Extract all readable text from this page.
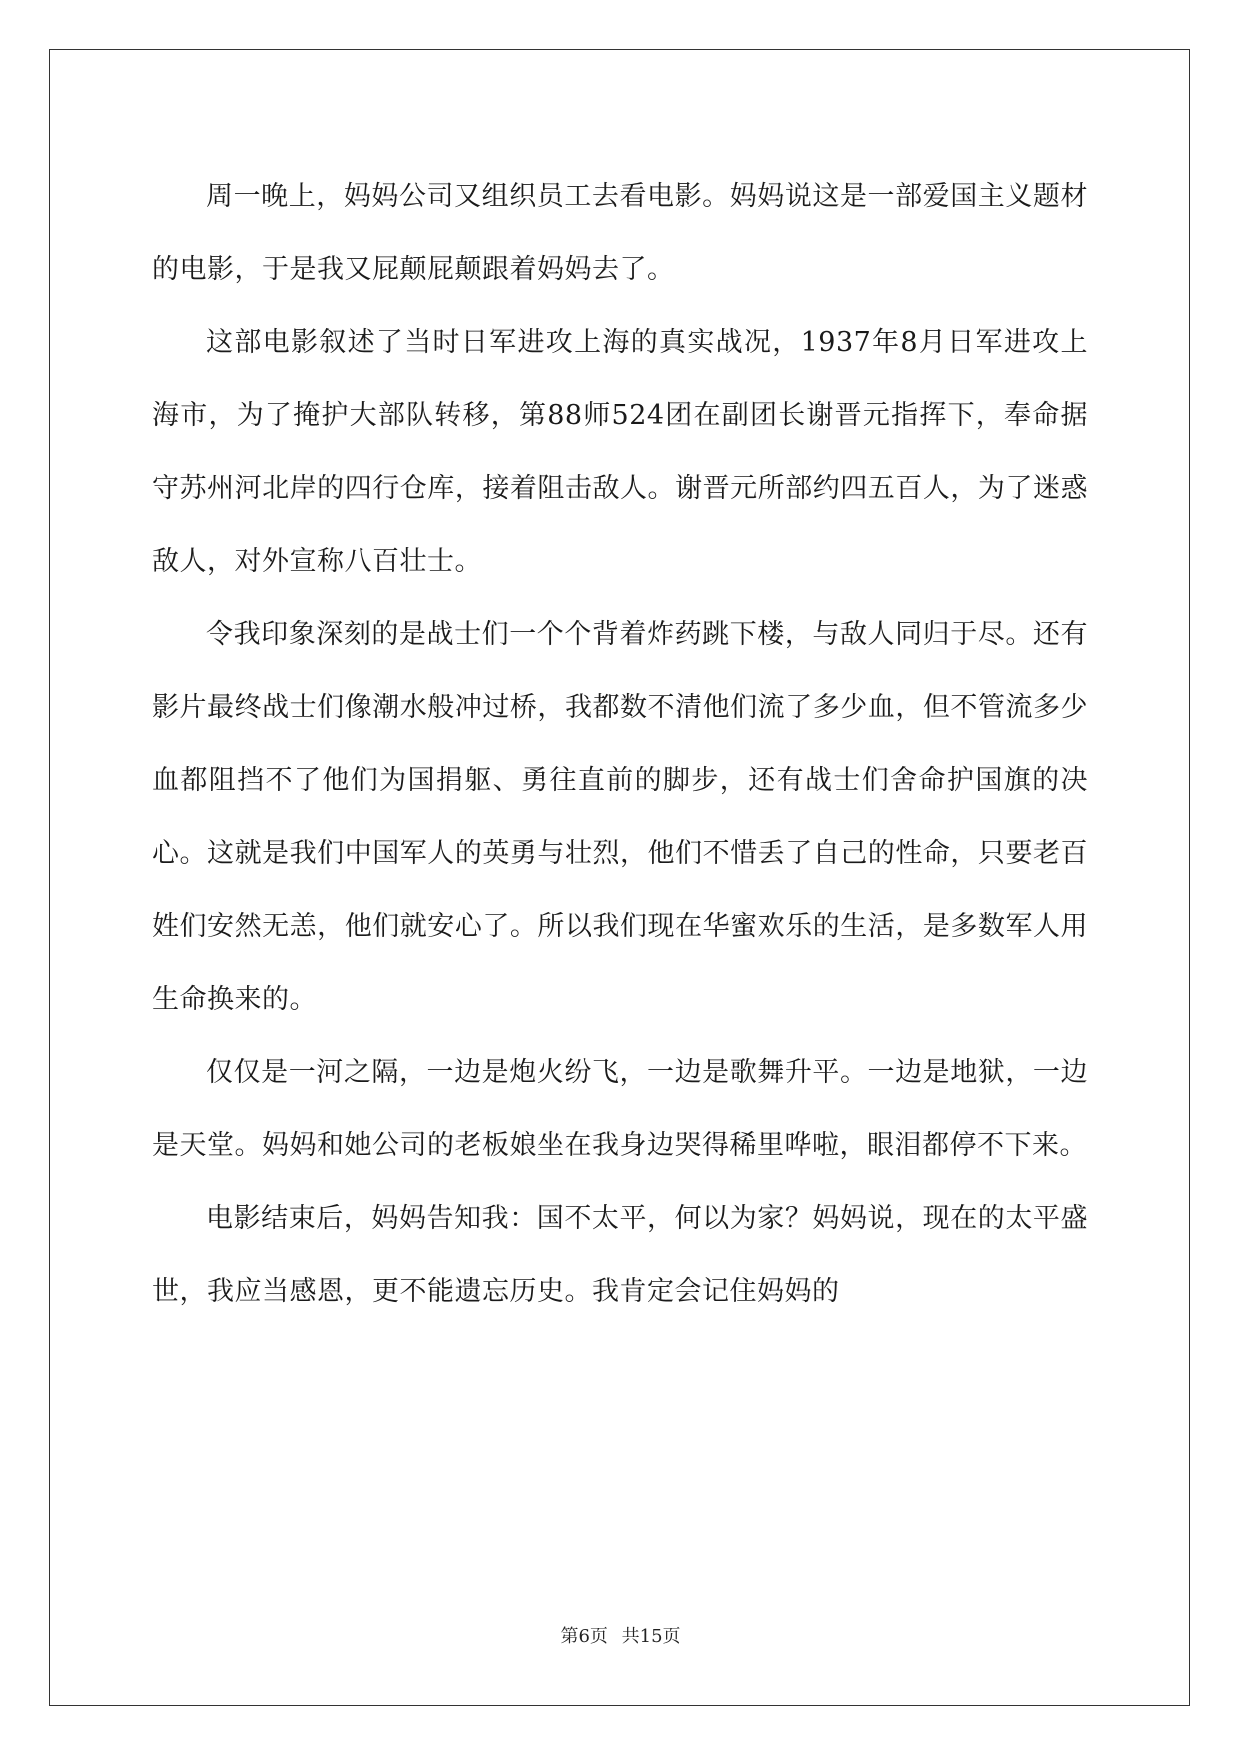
周一晚上，妈妈公司又组织员工去看电影。妈妈说这是一部爱国主义题材的电影，于是我又屁颠屁颠跟着妈妈去了。

这部电影叙述了当时日军进攻上海的真实战况，1937年8月日军进攻上海市，为了掩护大部队转移，第88师524团在副团长谢晋元指挥下，奉命据守苏州河北岸的四行仓库，接着阻击敌人。谢晋元所部约四五百人，为了迷惑敌人，对外宣称八百壮士。

令我印象深刻的是战士们一个个背着炸药跳下楼，与敌人同归于尽。还有影片最终战士们像潮水般冲过桥，我都数不清他们流了多少血，但不管流多少血都阻挡不了他们为国捐躯、勇往直前的脚步，还有战士们舍命护国旗的决心。这就是我们中国军人的英勇与壮烈，他们不惜丢了自己的性命，只要老百姓们安然无恙，他们就安心了。所以我们现在华蜜欢乐的生活，是多数军人用生命换来的。

仅仅是一河之隔，一边是炮火纷飞，一边是歌舞升平。一边是地狱，一边是天堂。妈妈和她公司的老板娘坐在我身边哭得稀里哗啦，眼泪都停不下来。

电影结束后，妈妈告知我：国不太平，何以为家？妈妈说，现在的太平盛世，我应当感恩，更不能遗忘历史。我肯定会记住妈妈的

第6页 共15页
